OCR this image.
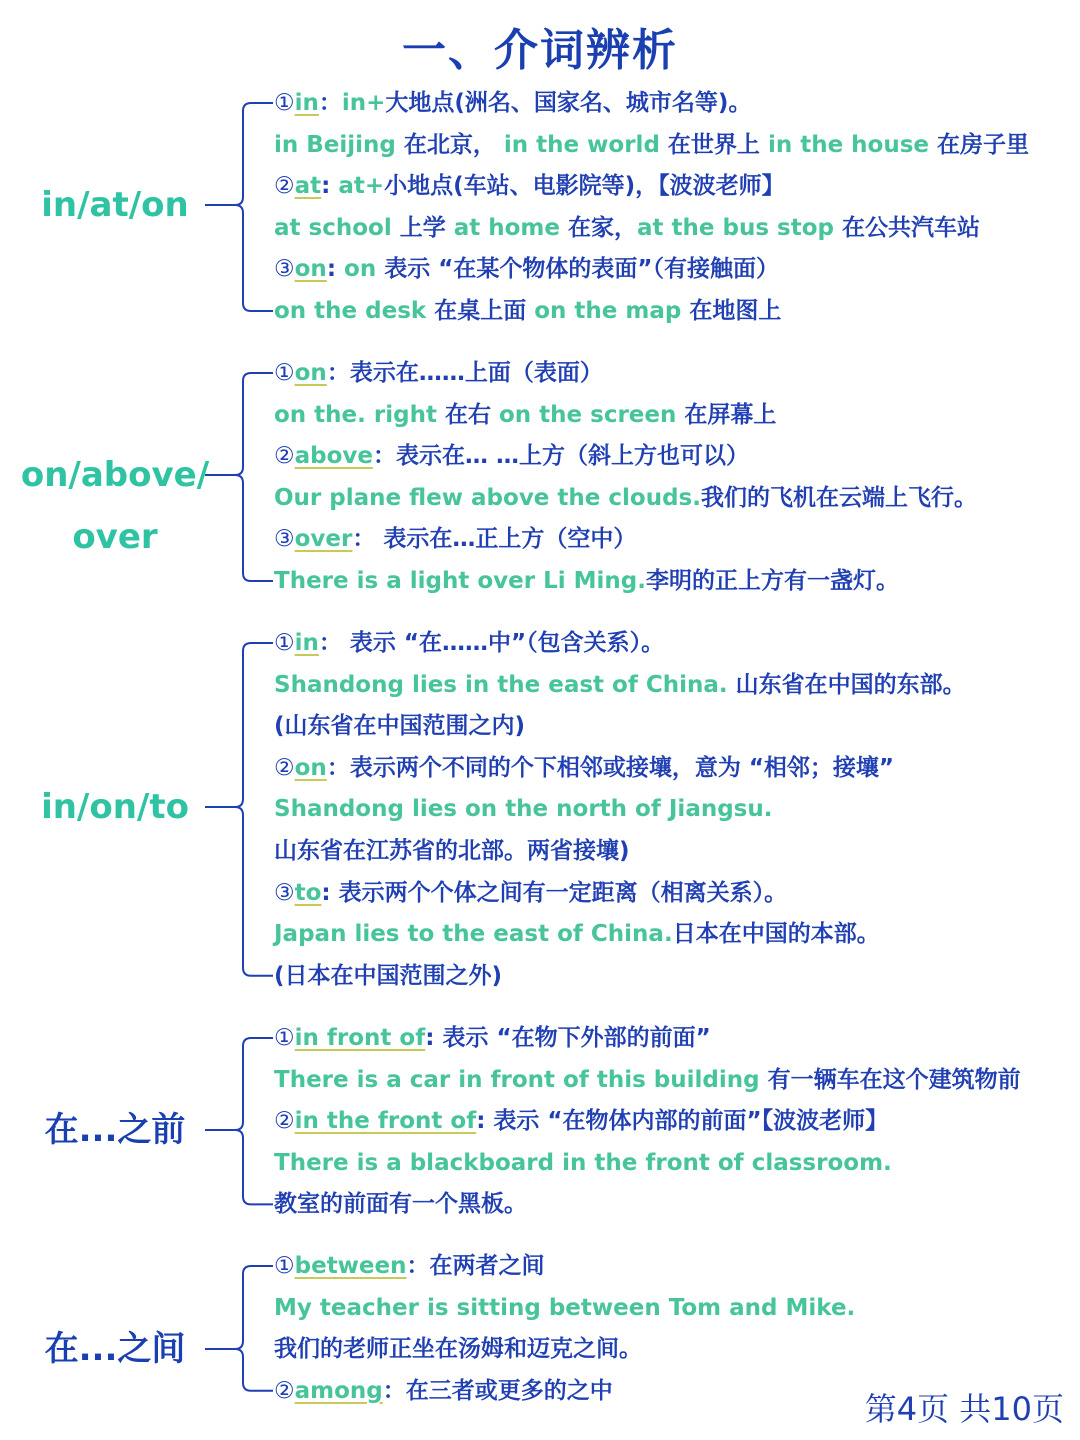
一、介词辨析
in/at/on
①in：in+大地点(洲名、国家名、城市名等)。
in Beijing 在北京， in the world 在世界上 in the house 在房子里
②at: at+小地点(车站、电影院等)，【波波老师】
at school 上学 at home 在家，at the bus stop 在公共汽车站
③on: on 表示 “在某个物体的表面”（有接触面）
on the desk 在桌上面 on the map 在地图上
on/above/
over
①on：表示在……上面（表面）
on the. right 在右 on the screen 在屏幕上
②above：表示在… …上方（斜上方也可以）
Our plane flew above the clouds.我们的飞机在云端上飞行。
③over： 表示在…正上方（空中）
There is a light over Li Ming.李明的正上方有一盏灯。
in/on/to
①in： 表示 “在……中”（包含关系）。
Shandong lies in the east of China. 山东省在中国的东部。
(山东省在中国范围之内)
②on：表示两个不同的个下相邻或接壤，意为 “相邻；接壤”
Shandong lies on the north of Jiangsu.
山东省在江苏省的北部。两省接壤)
③to: 表示两个个体之间有一定距离（相离关系）。
Japan lies to the east of China.日本在中国的本部。
(日本在中国范围之外)
在...之前
①in front of: 表示 “在物下外部的前面”
There is a car in front of this building 有一辆车在这个建筑物前
②in the front of: 表示 “在物体内部的前面”【波波老师】
There is a blackboard in the front of classroom.
教室的前面有一个黑板。
在...之间
①between：在两者之间
My teacher is sitting between Tom and Mike.
我们的老师正坐在汤姆和迈克之间。
②among：在三者或更多的之中	第4页 共10页
